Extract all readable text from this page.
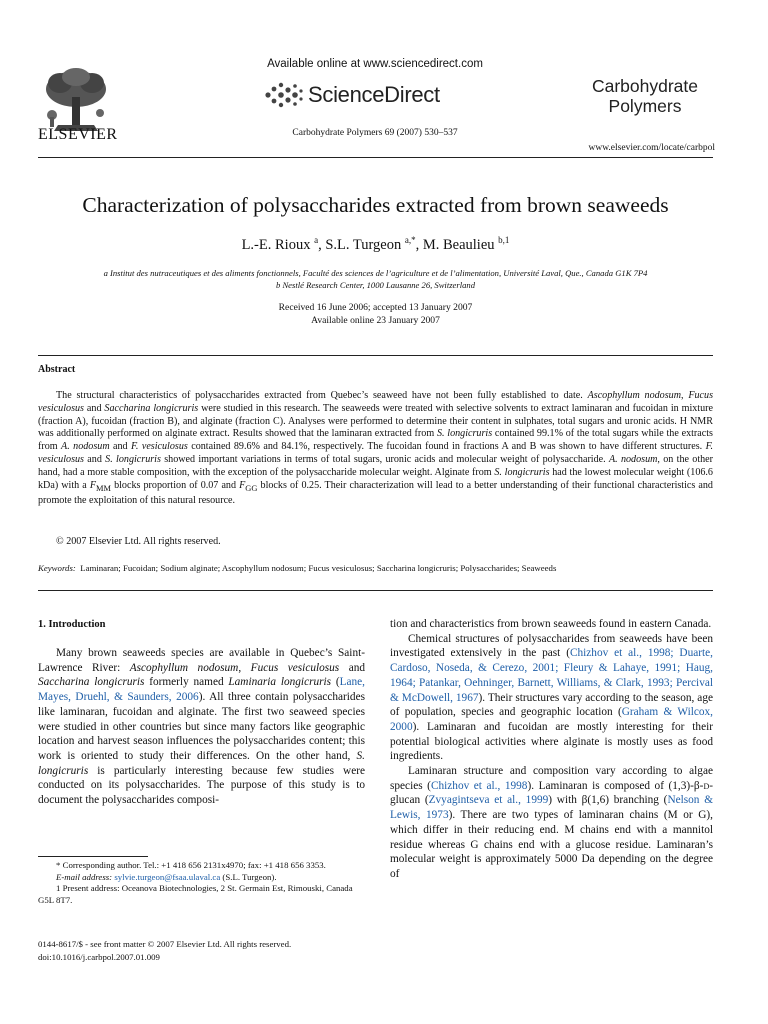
ELSEVIER
Available online at www.sciencedirect.com
ScienceDirect
Carbohydrate Polymers 69 (2007) 530–537
Carbohydrate
Polymers
www.elsevier.com/locate/carbpol
Characterization of polysaccharides extracted from brown seaweeds
L.-E. Rioux $^a$, S.L. Turgeon $^{a,*}$, M. Beaulieu $^{b,1}$
a Institut des nutraceutiques et des aliments fonctionnels, Faculté des sciences de l’agriculture et de l’alimentation, Université Laval, Que., Canada G1K 7P4
b Nestlé Research Center, 1000 Lausanne 26, Switzerland
Received 16 June 2006; accepted 13 January 2007
Available online 23 January 2007
Abstract
The structural characteristics of polysaccharides extracted from Quebec’s seaweed have not been fully established to date. Ascophyllum nodosum, Fucus vesiculosus and Saccharina longicruris were studied in this research. The seaweeds were treated with selective solvents to extract laminaran and fucoidan in mixture (fraction A), fucoidan (fraction B), and alginate (fraction C). Analyses were performed to determine their content in sulphates, total sugars and uronic acids. H NMR was additionally performed on alginate extract. Results showed that the laminaran extracted from S. longicruris contained 99.1% of the total sugars while the extracts from A. nodosum and F. vesiculosus contained 89.6% and 84.1%, respectively. The fucoidan found in fractions A and B was shown to have different structures. F. vesiculosus and S. longicruris showed important variations in terms of total sugars, uronic acids and molecular weight of polysaccharide. A. nodosum, on the other hand, had a more stable composition, with the exception of the polysaccharide molecular weight. Alginate from S. longicruris had the lowest molecular weight (106.6 kDa) with a $F_{MM}$ blocks proportion of 0.07 and $F_{GG}$ blocks of 0.25. Their characterization will lead to a better understanding of their functional characteristics and promote the exploitation of this natural resource.
© 2007 Elsevier Ltd. All rights reserved.
Keywords: Laminaran; Fucoidan; Sodium alginate; Ascophyllum nodosum; Fucus vesiculosus; Saccharina longicruris; Polysaccharides; Seaweeds
1. Introduction

Many brown seaweeds species are available in Quebec’s Saint-Lawrence River: Ascophyllum nodosum, Fucus vesiculosus and Saccharina longicruris formerly named Laminaria longicruris (Lane, Mayes, Druehl, & Saunders, 2006). All three contain polysaccharides like laminaran, fucoidan and alginate. The first two seaweed species were studied in other countries but since many factors like geographic location and harvest season influences the polysaccharides content; this work is oriented to study their differences. On the other hand, S. longicruris is particularly interesting because few studies were conducted on its polysaccharides. The purpose of this study is to document the polysaccharides composi-

* Corresponding author. Tel.: +1 418 656 2131x4970; fax: +1 418 656 3353.

E-mail address: sylvie.turgeon@fsaa.ulaval.ca (S.L. Turgeon).

1 Present address: Oceanova Biotechnologies, 2 St. Germain Est, Rimouski, Canada G5L 8T7.

0144-8617/$ - see front matter © 2007 Elsevier Ltd. All rights reserved.
doi:10.1016/j.carbpol.2007.01.009

tion and characteristics from brown seaweeds found in eastern Canada.

Chemical structures of polysaccharides from seaweeds have been investigated extensively in the past (Chizhov et al., 1998; Duarte, Cardoso, Noseda, & Cerezo, 2001; Fleury & Lahaye, 1991; Haug, 1964; Patankar, Oehninger, Barnett, Williams, & Clark, 1993; Percival & McDowell, 1967). Their structures vary according to the season, age of population, species and geographic location (Graham & Wilcox, 2000). Laminaran and fucoidan are mostly interesting for their potential biological activities where alginate is mostly uses as food ingredients.

Laminaran structure and composition vary according to algae species (Chizhov et al., 1998). Laminaran is composed of (1,3)-β-d-glucan (Zvyagintseva et al., 1999) with β(1,6) branching (Nelson & Lewis, 1973). There are two types of laminaran chains (M or G), which differ in their reducing end. M chains end with a mannitol residue whereas G chains end with a glucose residue. Laminaran’s molecular weight is approximately 5000 Da depending on the degree of
